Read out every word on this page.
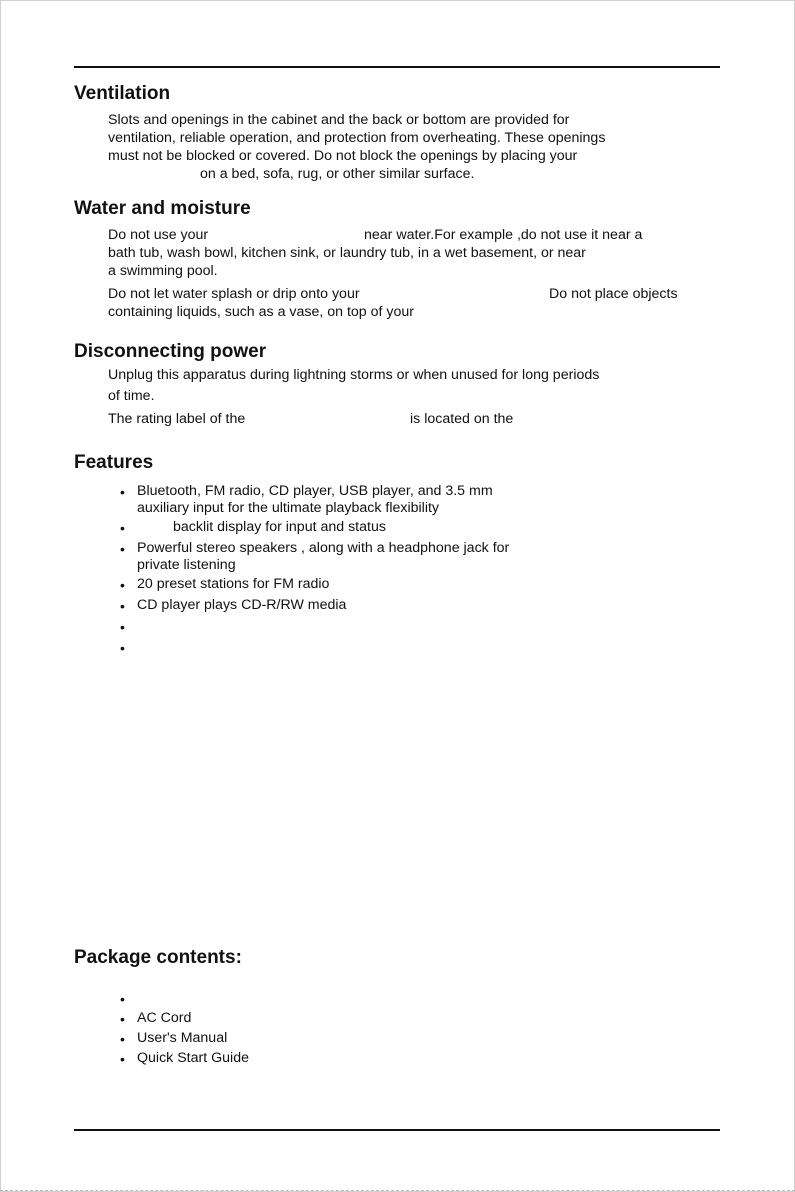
Ventilation

Slots and openings in the cabinet and the back or bottom are provided for

ventilation, reliable operation, and protection from overheating. These openings

must not be blocked or covered. Do not block the openings by placing your

on a bed, sofa, rug, or other similar surface.

Water and moisture

Do not use your	near water.For example ,do not use it near a

bath tub, wash bowl, kitchen sink, or laundry tub, in a wet basement, or near

a swimming pool.

Do not let water splash or drip onto your	Do not place objects

containing liquids, such as a vase, on top of your

Disconnecting power

Unplug this apparatus during lightning storms or when unused for long periods

of time.

The rating label of the	is located on the

Features
• Bluetooth, FM radio, CD player, USB player, and 3.5 mm

auxiliary input for the ultimate playback flexibility

•	backlit display for input and status

• Powerful stereo speakers , along with a headphone jack for

private listening

• 20 preset stations for FM radio

• CD player plays CD-R/RW media

•
•
Package contents:
•
• AC Cord

• User's Manual

• Quick Start Guide
